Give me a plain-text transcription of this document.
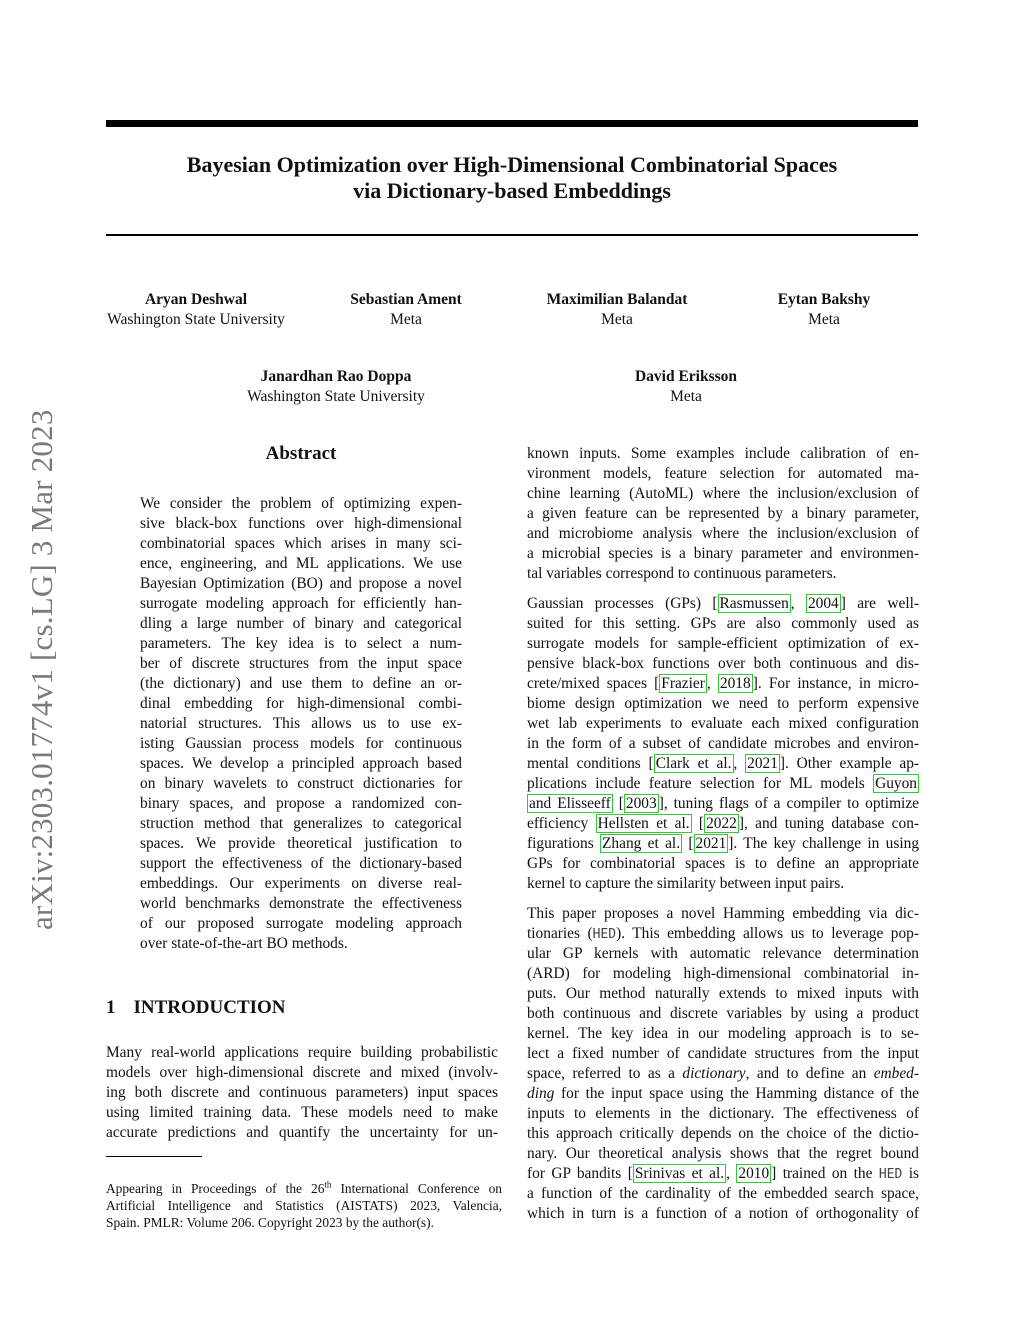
Bayesian Optimization over High-Dimensional Combinatorial Spaces
via Dictionary-based Embeddings
Aryan Deshwal
Washington State University
Sebastian Ament
Meta
Maximilian Balandat
Meta
Eytan Bakshy
Meta
Janardhan Rao Doppa
Washington State University
David Eriksson
Meta
arXiv:2303.01774v1 [cs.LG] 3 Mar 2023	Abstract

We consider the problem of optimizing expen-
sive black-box functions over high-dimensional
combinatorial spaces which arises in many sci-
ence, engineering, and ML applications. We use
Bayesian Optimization (BO) and propose a novel
surrogate modeling approach for efficiently han-
dling a large number of binary and categorical
parameters. The key idea is to select a num-
ber of discrete structures from the input space
(the dictionary) and use them to define an or-
dinal embedding for high-dimensional combi-
natorial structures. This allows us to use ex-
isting Gaussian process models for continuous
spaces. We develop a principled approach based
on binary wavelets to construct dictionaries for
binary spaces, and propose a randomized con-
struction method that generalizes to categorical
spaces. We provide theoretical justification to
support the effectiveness of the dictionary-based
embeddings. Our experiments on diverse real-
world benchmarks demonstrate the effectiveness
of our proposed surrogate modeling approach
over state-of-the-art BO methods.

1 INTRODUCTION

Many real-world applications require building probabilistic
models over high-dimensional discrete and mixed (involv-
ing both discrete and continuous parameters) input spaces
using limited training data. These models need to make
accurate predictions and quantify the uncertainty for un-

Appearing in Proceedings of the 26th International Conference on
Artificial Intelligence and Statistics (AISTATS) 2023, Valencia,
Spain. PMLR: Volume 206. Copyright 2023 by the author(s).

known inputs. Some examples include calibration of en-
vironment models, feature selection for automated ma-
chine learning (AutoML) where the inclusion/exclusion of
a given feature can be represented by a binary parameter,
and microbiome analysis where the inclusion/exclusion of
a microbial species is a binary parameter and environmen-
tal variables correspond to continuous parameters.

Gaussian processes (GPs) [ Rasmussen , 2004 ] are well-
suited for this setting. GPs are also commonly used as
surrogate models for sample-efficient optimization of ex-
pensive black-box functions over both continuous and dis-
crete/mixed spaces [ Frazier , 2018 ]. For instance, in micro-
biome design optimization we need to perform expensive
wet lab experiments to evaluate each mixed configuration
in the form of a subset of candidate microbes and environ-
mental conditions [ Clark et al. , 2021 ]. Other example ap-
plications include feature selection for ML models Guyon
and Elisseeff [ 2003 ], tuning flags of a compiler to optimize
efficiency Hellsten et al. [ 2022 ], and tuning database con-
figurations Zhang et al. [ 2021 ]. The key challenge in using
GPs for combinatorial spaces is to define an appropriate
kernel to capture the similarity between input pairs.

This paper proposes a novel Hamming embedding via dic-
tionaries (HED). This embedding allows us to leverage pop-
ular GP kernels with automatic relevance determination
(ARD) for modeling high-dimensional combinatorial in-
puts. Our method naturally extends to mixed inputs with
both continuous and discrete variables by using a product
kernel. The key idea in our modeling approach is to se-
lect a fixed number of candidate structures from the input
space, referred to as a dictionary, and to define an embed-
ding for the input space using the Hamming distance of the
inputs to elements in the dictionary. The effectiveness of
this approach critically depends on the choice of the dictio-
nary. Our theoretical analysis shows that the regret bound
for GP bandits [ Srinivas et al. , 2010 ] trained on the HED is
a function of the cardinality of the embedded search space,
which in turn is a function of a notion of orthogonality of
